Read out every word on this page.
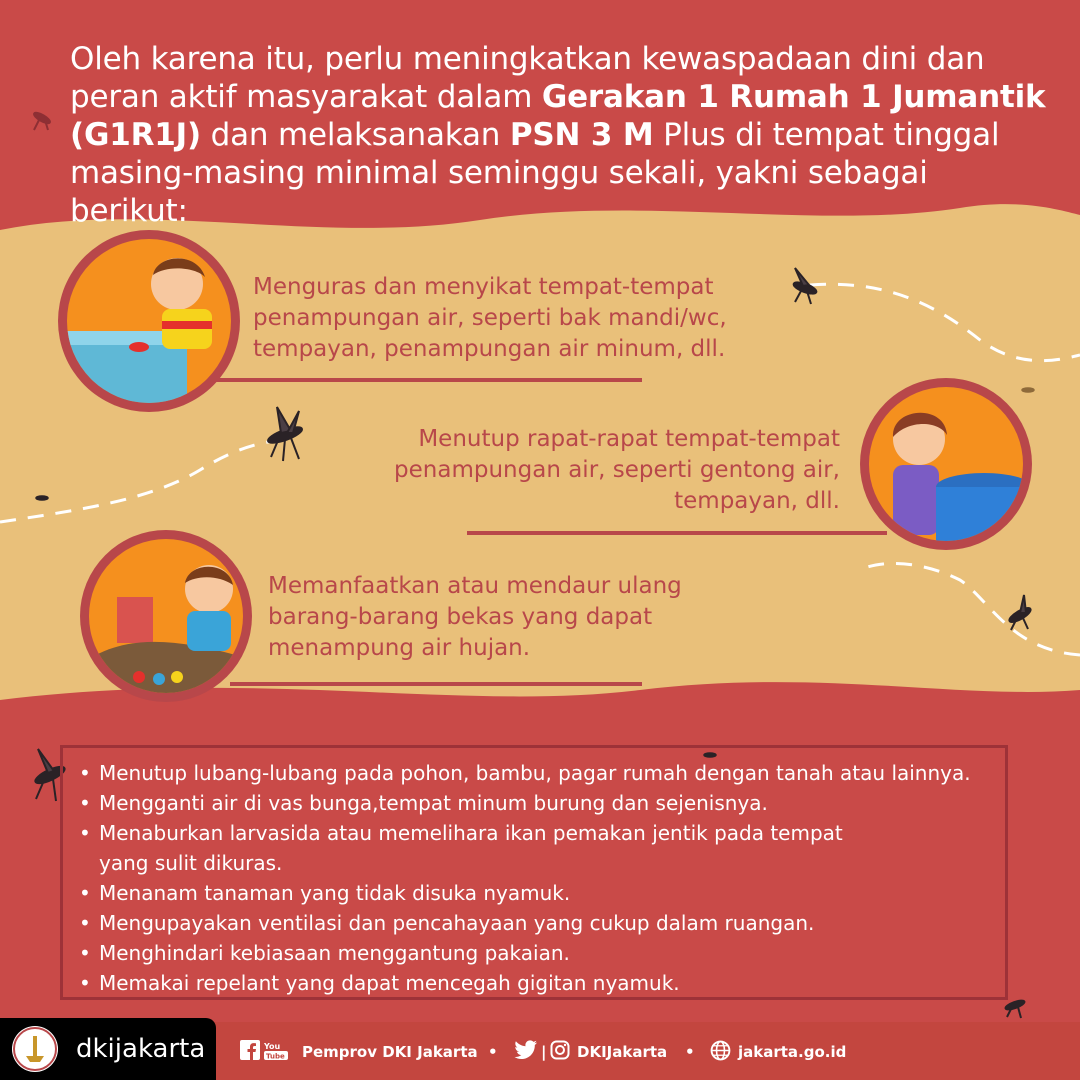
Oleh karena itu, perlu meningkatkan kewaspadaan dini dan peran aktif masyarakat dalam Gerakan 1 Rumah 1 Jumantik (G1R1J) dan melaksanakan PSN 3 M Plus di tempat tinggal masing-masing minimal seminggu sekali, yakni sebagai berikut:
Menguras dan menyikat tempat-tempat penampungan air, seperti bak mandi/wc, tempayan, penampungan air minum, dll.
Menutup rapat-rapat tempat-tempat penampungan air, seperti gentong air, tempayan, dll.
Memanfaatkan atau mendaur ulang barang-barang bekas yang dapat menampung air hujan.
• Menutup lubang-lubang pada pohon, bambu, pagar rumah dengan tanah atau lainnya.
• Mengganti air di vas bunga,tempat minum burung dan sejenisnya.
• Menaburkan larvasida atau memelihara ikan pemakan jentik pada tempat
yang sulit dikuras.
• Menanam tanaman yang tidak disuka nyamuk.
• Mengupayakan ventilasi dan pencahayaan yang cukup dalam ruangan.
• Menghindari kebiasaan menggantung pakaian.
• Memakai repelant yang dapat mencegah gigitan nyamuk.
dkijakarta	You
Tube Pemprov DKI Jakarta •	| DKIJakarta •	jakarta.go.id
